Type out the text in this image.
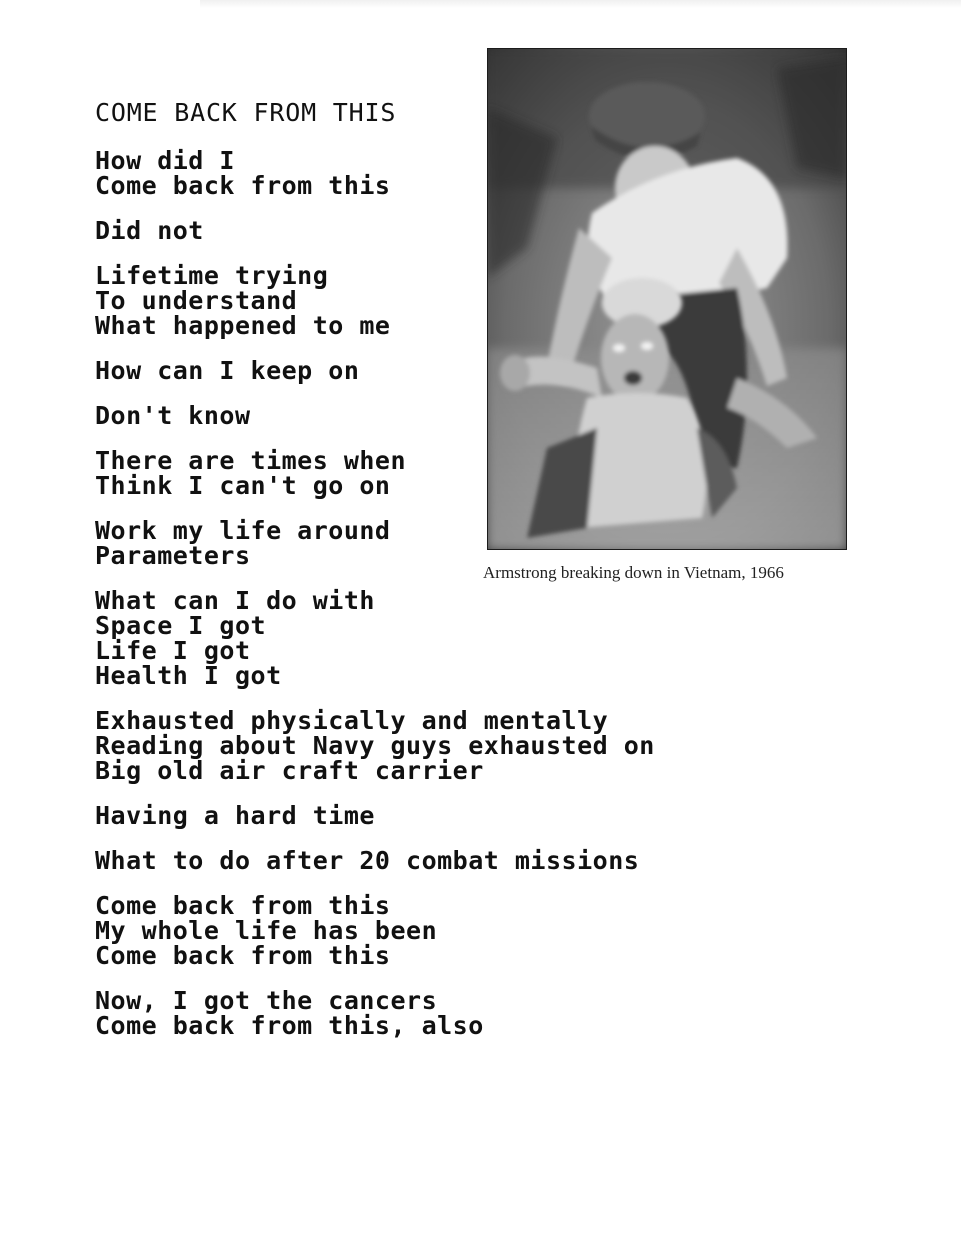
COME BACK FROM THIS
How did I
Come back from this
Did not
Lifetime trying
To understand
What happened to me
How can I keep on
Don't know
There are times when
Think I can't go on
Work my life around
Parameters
What can I do with
Space I got
Life I got
Health I got
Exhausted physically and mentally
Reading about Navy guys exhausted on
Big old air craft carrier
Having a hard time
What to do after 20 combat missions
Come back from this
My whole life has been
Come back from this
Now, I got the cancers
Come back from this, also
Armstrong breaking down in Vietnam, 1966
